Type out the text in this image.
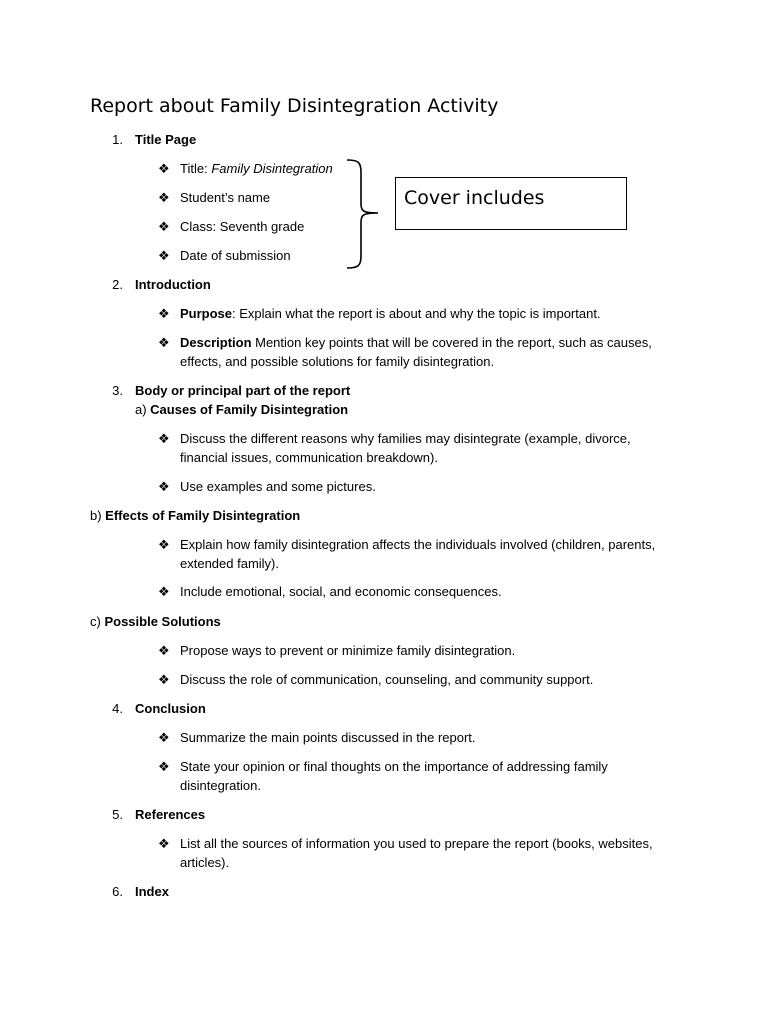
Report about Family Disintegration Activity
1. Title Page
❖ Title: Family Disintegration
❖ Student’s name
❖ Class: Seventh grade
❖ Date of submission
Cover includes
2. Introduction
❖ Purpose: Explain what the report is about and why the topic is important.
❖ Description Mention key points that will be covered in the report, such as causes, effects, and possible solutions for family disintegration.
3. Body or principal part of the report
a) Causes of Family Disintegration
❖ Discuss the different reasons why families may disintegrate (example, divorce, financial issues, communication breakdown).
❖ Use examples and some pictures.
b) Effects of Family Disintegration
❖ Explain how family disintegration affects the individuals involved (children, parents, extended family).
❖ Include emotional, social, and economic consequences.
c) Possible Solutions
❖ Propose ways to prevent or minimize family disintegration.
❖ Discuss the role of communication, counseling, and community support.
4. Conclusion
❖ Summarize the main points discussed in the report.
❖ State your opinion or final thoughts on the importance of addressing family disintegration.
5. References
❖ List all the sources of information you used to prepare the report (books, websites, articles).
6. Index
